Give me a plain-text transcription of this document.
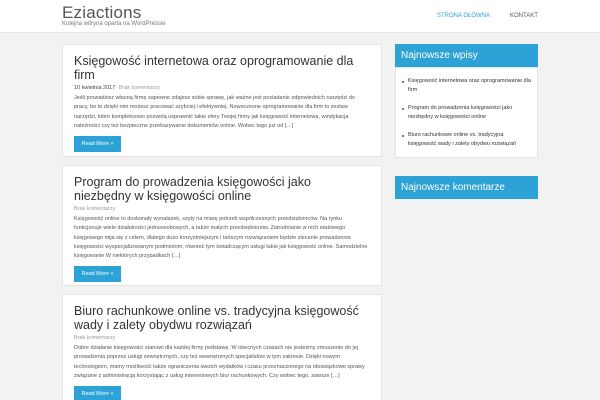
Eziactions
Kolejna witryna oparta na WordPressie
STRONA GŁÓWNA	KONTAKT
Księgowość internetowa oraz oprogramowanie dla firm
10 kwietnia 2017 Brak komentarzy
Jeśli prowadzisz własną firmę zapewne zdajesz sobie sprawę, jak ważne jest posiadanie odpowiednich narzędzi do pracy, bo to dzięki nim możesz pracować szybciej i efektywniej. Nowoczesne oprogramowanie dla firm to zestaw narzędzi, które kompleksowo pozwolą usprawnić takie sfery Twojej firmy jak księgowość internetowa, windykacja należności czy też bezpieczne przekazywanie dokumentów online. Wobec tego już od […]
Read More »
Program do prowadzenia księgowości jako niezbędny w księgowości online
Brak komentarzy
Księgowość online to doskonały wynalazek, szyty na miarę potrzeb współczesnych przedsiębiorców. Na rynku funkcjonuje wiele działalności jednoosobowych, a także małych przedsiębiorstw. Zatrudnianie w nich etatowego księgowego mija się z celem, dlatego dużo korzystniejszym i tańszym rozwiązaniem będzie zlecanie prowadzenia księgowości wyspecjalizowanym podmiotom, również tym świadczącym usługi takie jak księgowość online. Samodzielne księgowanie W niektórych przypadkach […]
Read More »
Biuro rachunkowe online vs. tradycyjna księgowość wady i zalety obydwu rozwiązań
Brak komentarzy
Dobre działanie księgowości stanowi dla każdej firmy podstawę. W obecnych czasach nie jesteśmy zmuszenie do jej prowadzenia poprzez usługi zewnętrznych, czy też wewnętrznych specjalistów w tym zakresie. Dzięki nowym technologiom, mamy możliwość także ograniczenia swoich wydatków i czasu przeznaczonego na obowiązkowe sprawy związane z administracją korzystając z usług internetowych biur rachunkowych. Czy wobec tego, zawsze […]
Read More »
Najnowsze wpisy
Księgowość internetowa oraz oprogramowanie dla firm
Program do prowadzenia księgowości jako niezbędny w księgowości online
Biuro rachunkowe online vs. tradycyjna księgowość wady i zalety obydwu rozwiązań
Najnowsze komentarze
